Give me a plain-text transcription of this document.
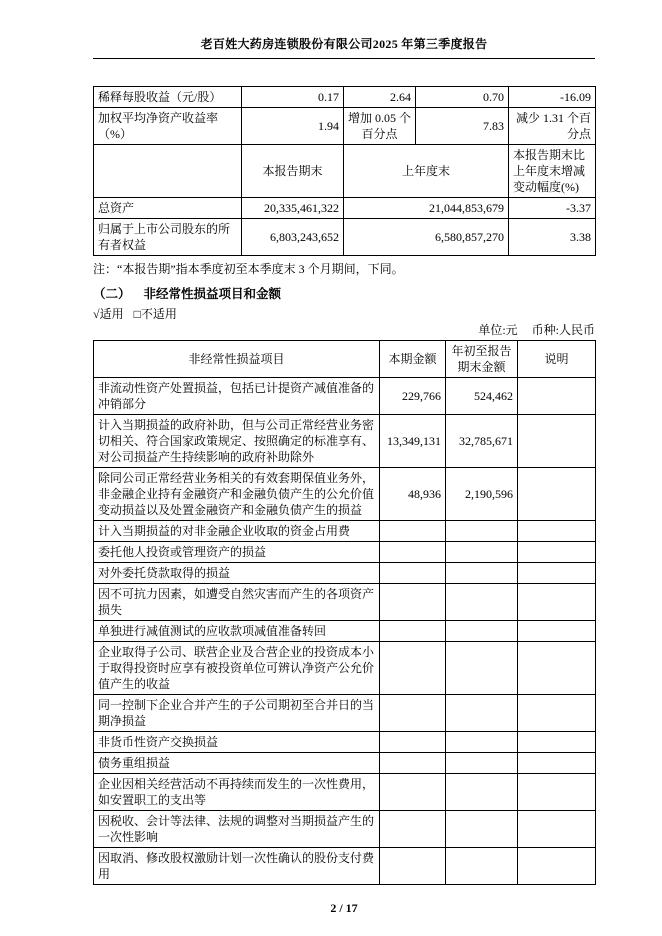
老百姓大药房连锁股份有限公司2025 年第三季度报告
稀释每股收益（元/股）	0.17	2.64	0.70	-16.09
加权平均净资产收益率（%）	1.94	增加 0.05 个百分点	7.83	减少 1.31 个百分点
	本报告期末	上年度末		本报告期末比上年度末增减变动幅度(%)
总资产	20,335,461,322	21,044,853,679		-3.37
归属于上市公司股东的所有者权益	6,803,243,652	6,580,857,270		3.38
注：“本报告期”指本季度初至本季度末 3 个月期间，下同。
（二） 非经常性损益项目和金额
√适用 □不适用
单位:元 币种:人民币
非经常性损益项目	本期金额	年初至报告期末金额	说明
非流动性资产处置损益，包括已计提资产减值准备的冲销部分	229,766	524,462	
计入当期损益的政府补助，但与公司正常经营业务密切相关、符合国家政策规定、按照确定的标准享有、对公司损益产生持续影响的政府补助除外	13,349,131	32,785,671	
除同公司正常经营业务相关的有效套期保值业务外，非金融企业持有金融资产和金融负债产生的公允价值变动损益以及处置金融资产和金融负债产生的损益	48,936	2,190,596	
计入当期损益的对非金融企业收取的资金占用费			
委托他人投资或管理资产的损益			
对外委托贷款取得的损益			
因不可抗力因素，如遭受自然灾害而产生的各项资产损失			
单独进行减值测试的应收款项减值准备转回			
企业取得子公司、联营企业及合营企业的投资成本小于取得投资时应享有被投资单位可辨认净资产公允价值产生的收益			
同一控制下企业合并产生的子公司期初至合并日的当期净损益			
非货币性资产交换损益			
债务重组损益			
企业因相关经营活动不再持续而发生的一次性费用，如安置职工的支出等			
因税收、会计等法律、法规的调整对当期损益产生的一次性影响			
因取消、修改股权激励计划一次性确认的股份支付费用			
2 / 17
